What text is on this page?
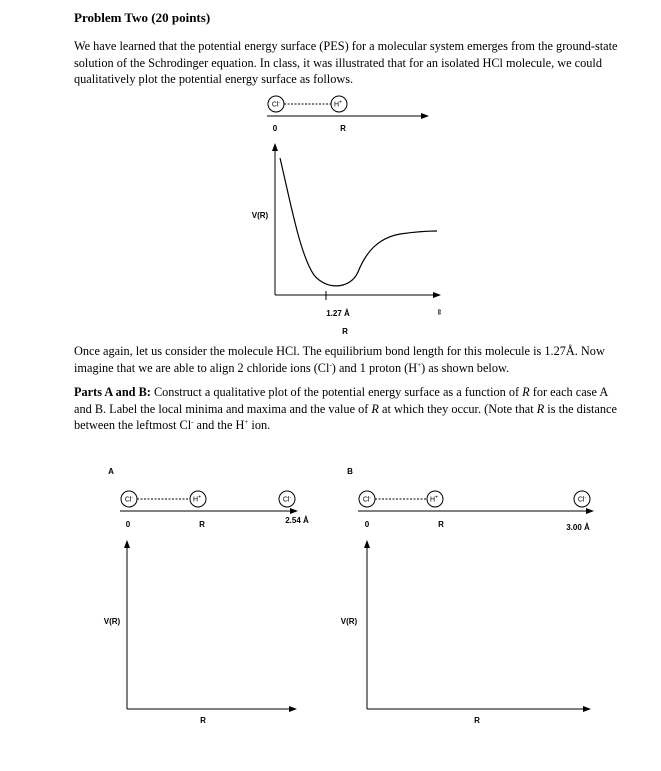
Problem Two (20 points)

We have learned that the potential energy surface (PES) for a molecular system emerges from the ground-state solution of the Schrodinger equation. In class, it was illustrated that for an isolated HCl molecule, we could qualitatively plot the potential energy surface as follows.

Once again, let us consider the molecule HCl. The equilibrium bond length for this molecule is 1.27Å. Now imagine that we are able to align 2 chloride ions (Cl-) and 1 proton (H+) as shown below.

Parts A and B: Construct a qualitative plot of the potential energy surface as a function of R for each case A and B. Label the local minima and maxima and the value of R at which they occur. (Note that R is the distance between the leftmost Cl- and the H+ ion.

Cl-	H+
0	R
V(R)
1.27 Å
R
∞
A
Cl-	H+	Cl-
0	R	2.54 Å
V(R)
R
B
Cl-	H+	Cl-
0	R	3.00 Å
V(R)
R
